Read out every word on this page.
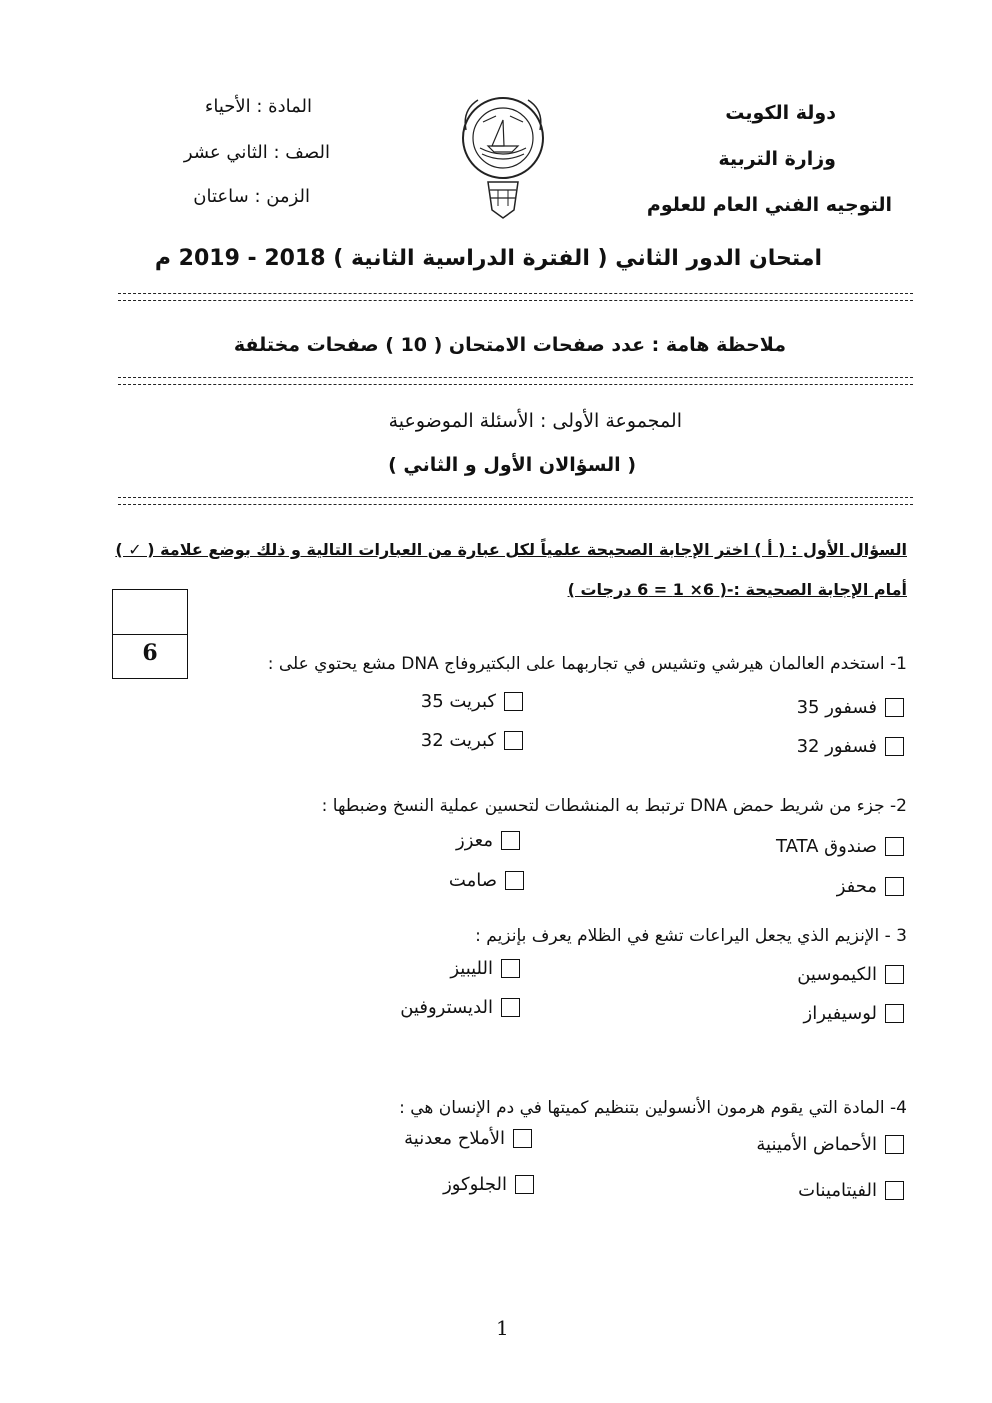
دولة الكويت
وزارة التربية
التوجيه الفني العام للعلوم
المادة : الأحياء
الصف : الثاني عشر
الزمن : ساعتان
امتحان الدور الثاني ( الفترة الدراسية الثانية ) 2018 - 2019 م
ملاحظة هامة : عدد صفحات الامتحان ( 10 ) صفحات مختلفة
المجموعة الأولى : الأسئلة الموضوعية
( السؤالان الأول و الثاني )
السؤال الأول : ( أ ) اختر الإجابة الصحيحة علمياً لكل عبارة من العبارات التالية و ذلك بوضع علامة ( ✓ )
أمام الإجابة الصحيحة :-( 6× 1 = 6 درجات )
6	1- استخدم العالمان هيرشي وتشيس في تجاربهما على البكتيروفاج DNA مشع يحتوي على :
فسفور 35
كبريت 35
فسفور 32
كبريت 32
2- جزء من شريط حمض DNA ترتبط به المنشطات لتحسين عملية النسخ وضبطها :
صندوق TATA
معزز
محفز
صامت
3 - الإنزيم الذي يجعل اليراعات تشع في الظلام يعرف بإنزيم :
الكيموسين
الليبيز
لوسيفيراز
الديستروفين
4- المادة التي يقوم هرمون الأنسولين بتنظيم كميتها في دم الإنسان هي :
الأحماض الأمينية
الأملاح معدنية
الفيتامينات
الجلوكوز
1
